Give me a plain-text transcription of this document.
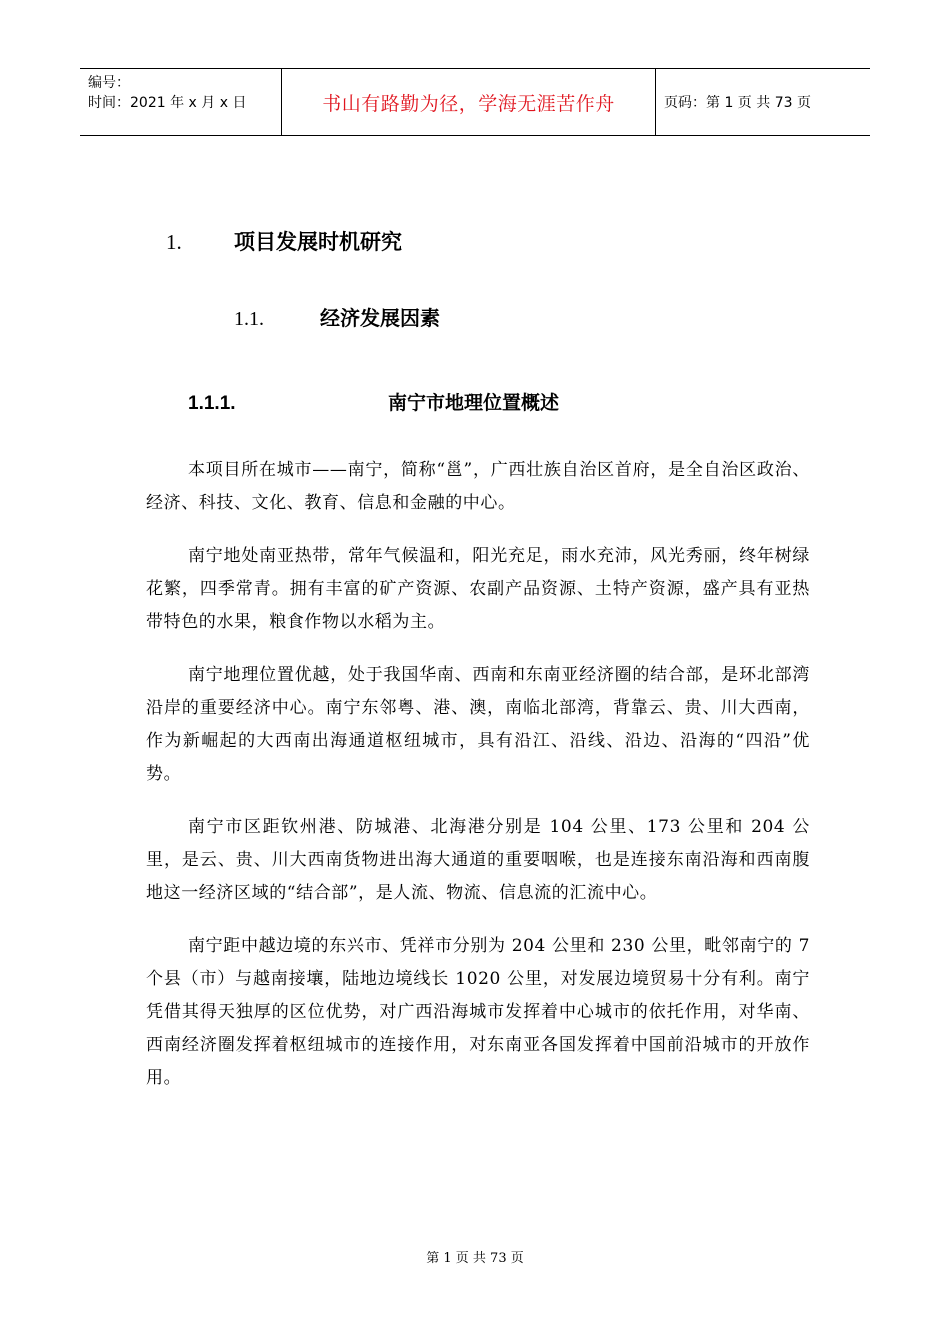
编号：
时间：2021 年 x 月 x 日	书山有路勤为径，学海无涯苦作舟	页码：第 1 页 共 73 页
1. 项目发展时机研究
1.1.	经济发展因素
1.1.1.	南宁市地理位置概述

本项目所在城市——南宁，简称“邕”，广西壮族自治区首府，是全自治区政治、经济、科技、文化、教育、信息和金融的中心。

南宁地处南亚热带，常年气候温和，阳光充足，雨水充沛，风光秀丽，终年树绿花繁，四季常青。拥有丰富的矿产资源、农副产品资源、土特产资源，盛产具有亚热带特色的水果，粮食作物以水稻为主。

南宁地理位置优越，处于我国华南、西南和东南亚经济圈的结合部，是环北部湾沿岸的重要经济中心。南宁东邻粤、港、澳，南临北部湾，背靠云、贵、川大西南，作为新崛起的大西南出海通道枢纽城市，具有沿江、沿线、沿边、沿海的“四沿”优势。

南宁市区距钦州港、防城港、北海港分别是 104 公里、173 公里和 204 公里，是云、贵、川大西南货物进出海大通道的重要咽喉，也是连接东南沿海和西南腹地这一经济区域的“结合部”，是人流、物流、信息流的汇流中心。

南宁距中越边境的东兴市、凭祥市分别为 204 公里和 230 公里，毗邻南宁的 7 个县（市）与越南接壤，陆地边境线长 1020 公里，对发展边境贸易十分有利。南宁凭借其得天独厚的区位优势，对广西沿海城市发挥着中心城市的依托作用，对华南、西南经济圈发挥着枢纽城市的连接作用，对东南亚各国发挥着中国前沿城市的开放作用。

第 1 页 共 73 页
